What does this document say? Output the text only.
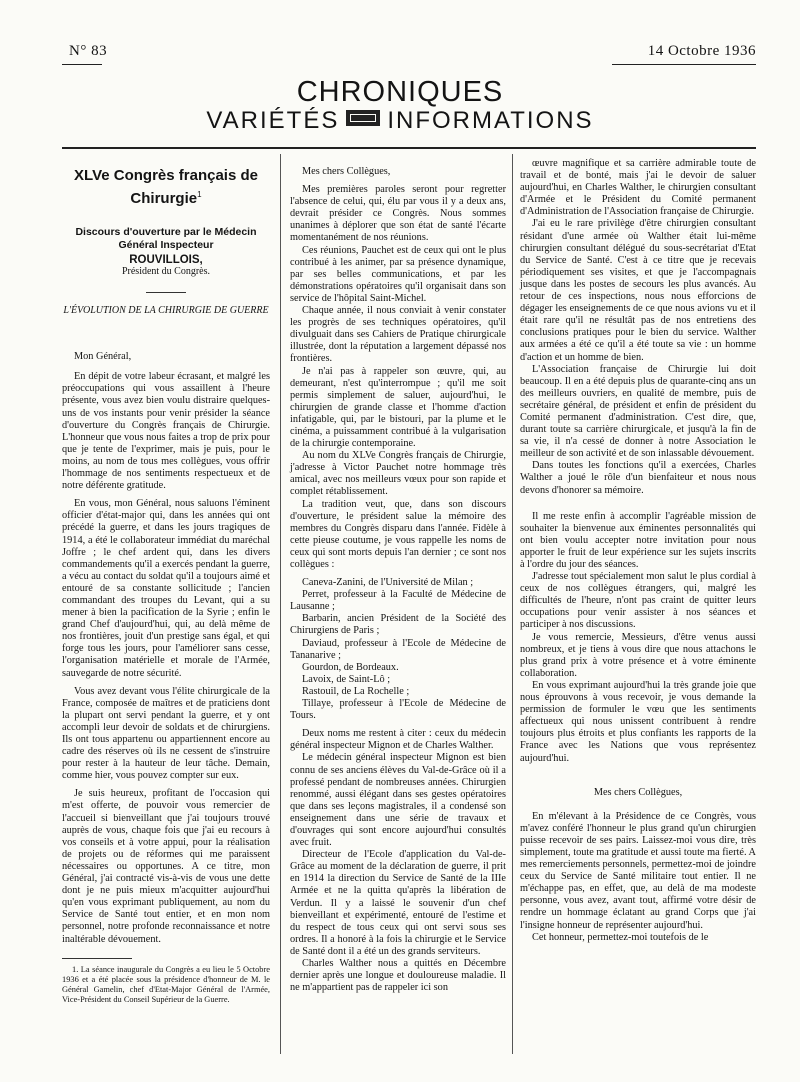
N° 83	14 Octobre 1936
CHRONIQUES
VARIÉTÉS INFORMATIONS
XLVe Congrès français de Chirurgie$^1$
Discours d'ouverture par le Médecin Général Inspecteur
ROUVILLOIS,
Président du Congrès.
L'ÉVOLUTION DE LA CHIRURGIE DE GUERRE

Mon Général,

En dépit de votre labeur écrasant, et malgré les préoccupations qui vous assaillent à l'heure présente, vous avez bien voulu distraire quelques-uns de vos instants pour venir présider la séance d'ouverture du Congrès français de Chirurgie. L'honneur que vous nous faites a trop de prix pour que je tente de l'exprimer, mais je puis, pour le moins, au nom de tous mes collègues, vous offrir l'hommage de nos sentiments respectueux et de notre déférente gratitude.

En vous, mon Général, nous saluons l'éminent officier d'état-major qui, dans les années qui ont précédé la guerre, et dans les jours tragiques de 1914, a été le collaborateur immédiat du maréchal Joffre ; le chef ardent qui, dans les divers commandements qu'il a exercés pendant la guerre, a vécu au contact du soldat qu'il a toujours aimé et entouré de sa constante sollicitude ; l'ancien commandant des troupes du Levant, qui a su mener à bien la pacification de la Syrie ; enfin le grand Chef d'aujourd'hui, qui, au delà même de nos frontières, jouit d'un prestige sans égal, et qui forge tous les jours, pour l'améliorer sans cesse, l'organisation matérielle et morale de l'Armée, sauvegarde de notre sécurité.

Vous avez devant vous l'élite chirurgicale de la France, composée de maîtres et de praticiens dont la plupart ont servi pendant la guerre, et y ont accompli leur devoir de soldats et de chirurgiens. Ils ont tous appartenu ou appartiennent encore au cadre des réserves où ils ne cessent de s'instruire pour rester à la hauteur de leur tâche. Demain, comme hier, vous pouvez compter sur eux.

Je suis heureux, profitant de l'occasion qui m'est offerte, de pouvoir vous remercier de l'accueil si bienveillant que j'ai toujours trouvé auprès de vous, chaque fois que j'ai eu recours à vos conseils et à votre appui, pour la réalisation de projets ou de réformes qui me paraissent nécessaires ou opportunes. A ce titre, mon Général, j'ai contracté vis-à-vis de vous une dette dont je ne puis mieux m'acquitter aujourd'hui qu'en vous exprimant publiquement, au nom du Service de Santé tout entier, et en mon nom personnel, notre profonde reconnaissance et notre inaltérable dévouement.

1. La séance inaugurale du Congrès a eu lieu le 5 Octobre 1936 et a été placée sous la présidence d'honneur de M. le Général Gamelin, chef d'Etat-Major Général de l'Armée, Vice-Président du Conseil Supérieur de la Guerre.

Mes chers Collègues,

Mes premières paroles seront pour regretter l'absence de celui, qui, élu par vous il y a deux ans, devrait présider ce Congrès. Nous sommes unanimes à déplorer que son état de santé l'écarte momentanément de nos réunions.

Ces réunions, Pauchet est de ceux qui ont le plus contribué à les animer, par sa présence dynamique, par ses belles communications, et par les démonstrations opératoires qu'il organisait dans son service de l'hôpital Saint-Michel.

Chaque année, il nous conviait à venir constater les progrès de ses techniques opératoires, qu'il divulguait dans ses Cahiers de Pratique chirurgicale illustrée, dont la réputation a largement dépassé nos frontières.

Je n'ai pas à rappeler son œuvre, qui, au demeurant, n'est qu'interrompue ; qu'il me soit permis simplement de saluer, aujourd'hui, le chirurgien de grande classe et l'homme d'action infatigable, qui, par le bistouri, par la plume et le cinéma, a puissamment contribué à la vulgarisation de la chirurgie contemporaine.

Au nom du XLVe Congrès français de Chirurgie, j'adresse à Victor Pauchet notre hommage très amical, avec nos meilleurs vœux pour son rapide et complet rétablissement.

La tradition veut, que, dans son discours d'ouverture, le président salue la mémoire des membres du Congrès disparu dans l'année. Fidèle à cette pieuse coutume, je vous rappelle les noms de ceux qui sont morts depuis l'an dernier ; ce sont nos collègues :

Caneva-Zanini, de l'Université de Milan ;

Perret, professeur à la Faculté de Médecine de Lausanne ;

Barbarin, ancien Président de la Société des Chirurgiens de Paris ;

Daviaud, professeur à l'Ecole de Médecine de Tananarive ;

Gourdon, de Bordeaux.

Lavoix, de Saint-Lô ;

Rastouil, de La Rochelle ;

Tillaye, professeur à l'Ecole de Médecine de Tours.

Deux noms me restent à citer : ceux du médecin général inspecteur Mignon et de Charles Walther.

Le médecin général inspecteur Mignon est bien connu de ses anciens élèves du Val-de-Grâce où il a professé pendant de nombreuses années. Chirurgien renommé, aussi élégant dans ses gestes opératoires que dans ses leçons magistrales, il a condensé son enseignement dans une série de travaux et d'ouvrages qui sont encore aujourd'hui consultés avec fruit.

Directeur de l'Ecole d'application du Val-de-Grâce au moment de la déclaration de guerre, il prit en 1914 la direction du Service de Santé de la IIIe Armée et ne la quitta qu'après la libération de Verdun. Il y a laissé le souvenir d'un chef bienveillant et expérimenté, entouré de l'estime et du respect de tous ceux qui ont servi sous ses ordres. Il a honoré à la fois la chirurgie et le Service de Santé dont il a été un des grands serviteurs.

Charles Walther nous a quittés en Décembre dernier après une longue et douloureuse maladie. Il ne m'appartient pas de rappeler ici son

œuvre magnifique et sa carrière admirable toute de travail et de bonté, mais j'ai le devoir de saluer aujourd'hui, en Charles Walther, le chirurgien consultant d'Armée et le Président du Comité permanent d'Administration de l'Association française de Chirurgie.

J'ai eu le rare privilège d'être chirurgien consultant résidant d'une armée où Walther était lui-même chirurgien consultant délégué du sous-secrétariat d'Etat du Service de Santé. C'est à ce titre que je recevais périodiquement ses visites, et que je l'accompagnais jusque dans les postes de secours les plus avancés. Au retour de ces inspections, nous nous efforcions de dégager les enseignements de ce que nous avions vu et il était rare qu'il ne résultât pas de nos entretiens des conclusions pratiques pour le bien du service. Walther aux armées a été ce qu'il a été toute sa vie : un homme d'action et un homme de bien.

L'Association française de Chirurgie lui doit beaucoup. Il en a été depuis plus de quarante-cinq ans un des meilleurs ouvriers, en qualité de membre, puis de secrétaire général, de président et enfin de président du Comité permanent d'administration. C'est dire, que, durant toute sa carrière chirurgicale, et jusqu'à la fin de sa vie, il n'a cessé de donner à notre Association le meilleur de son activité et de son inlassable dévouement.

Dans toutes les fonctions qu'il a exercées, Charles Walther a joué le rôle d'un bienfaiteur et nous nous devons d'honorer sa mémoire.

Il me reste enfin à accomplir l'agréable mission de souhaiter la bienvenue aux éminentes personnalités qui ont bien voulu accepter notre invitation pour nous apporter le fruit de leur expérience sur les sujets inscrits à l'ordre du jour des séances.

J'adresse tout spécialement mon salut le plus cordial à ceux de nos collègues étrangers, qui, malgré les difficultés de l'heure, n'ont pas craint de quitter leurs occupations pour venir assister à nos séances et participer à nos discussions.

Je vous remercie, Messieurs, d'être venus aussi nombreux, et je tiens à vous dire que nous attachons le plus grand prix à votre présence et à votre éminente collaboration.

En vous exprimant aujourd'hui la très grande joie que nous éprouvons à vous recevoir, je vous demande la permission de formuler le vœu que les sentiments affectueux qui nous unissent contribuent à rendre toujours plus étroits et plus confiants les rapports de la France avec les Nations que vous représentez aujourd'hui.

Mes chers Collègues,

En m'élevant à la Présidence de ce Congrès, vous m'avez conféré l'honneur le plus grand qu'un chirurgien puisse recevoir de ses pairs. Laissez-moi vous dire, très simplement, toute ma gratitude et aussi toute ma fierté. A mes remerciements personnels, permettez-moi de joindre ceux du Service de Santé militaire tout entier. Il ne m'échappe pas, en effet, que, au delà de ma modeste personne, vous avez, avant tout, affirmé votre désir de rendre un hommage éclatant au grand Corps que j'ai l'insigne honneur de représenter aujourd'hui.

Cet honneur, permettez-moi toutefois de le
